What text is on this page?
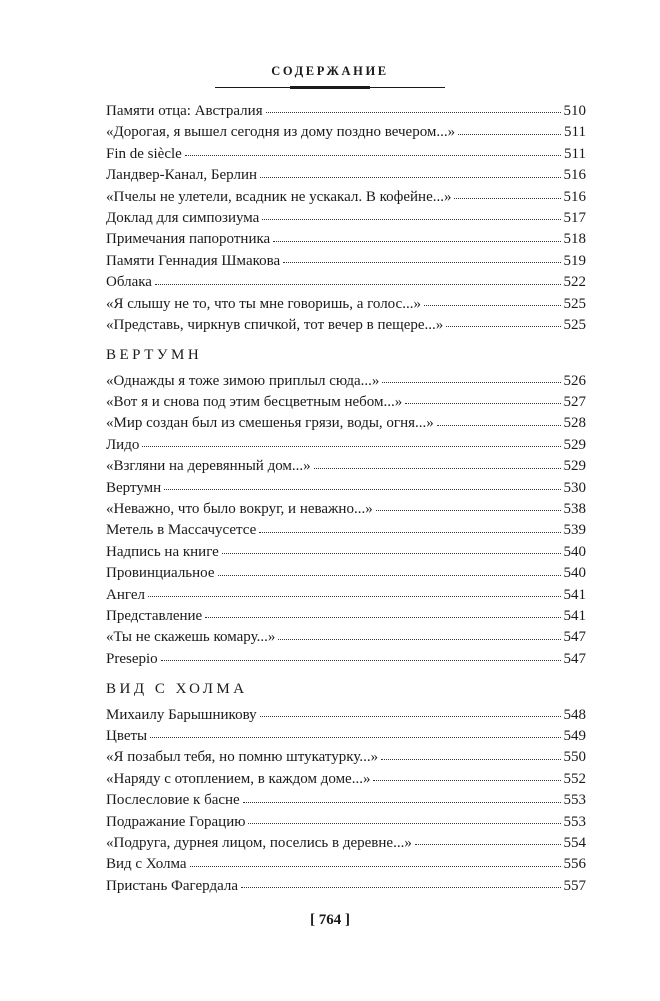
СОДЕРЖАНИЕ
Памяти отца: Австралия	510
«Дорогая, я вышел сегодня из дому поздно вечером...»	511
Fin de siècle	511
Ландвер-Канал, Берлин	516
«Пчелы не улетели, всадник не ускакал. В кофейне...»	516
Доклад для симпозиума	517
Примечания папоротника	518
Памяти Геннадия Шмакова	519
Облака	522
«Я слышу не то, что ты мне говоришь, а голос...»	525
«Представь, чиркнув спичкой, тот вечер в пещере...»	525
ВЕРТУМН
«Однажды я тоже зимою приплыл сюда...»	526
«Вот я и снова под этим бесцветным небом...»	527
«Мир создан был из смешенья грязи, воды, огня...»	528
Лидо	529
«Взгляни на деревянный дом...»	529
Вертумн	530
«Неважно, что было вокруг, и неважно...»	538
Метель в Массачусетсе	539
Надпись на книге	540
Провинциальное	540
Ангел	541
Представление	541
«Ты не скажешь комару...»	547
Presepio	547
ВИД С ХОЛМА
Михаилу Барышникову	548
Цветы	549
«Я позабыл тебя, но помню штукатурку...»	550
«Наряду с отоплением, в каждом доме...»	552
Послесловие к басне	553
Подражание Горацию	553
«Подруга, дурнея лицом, поселись в деревне...»	554
Вид с Холма	556
Пристань Фагердала	557
[ 764 ]
